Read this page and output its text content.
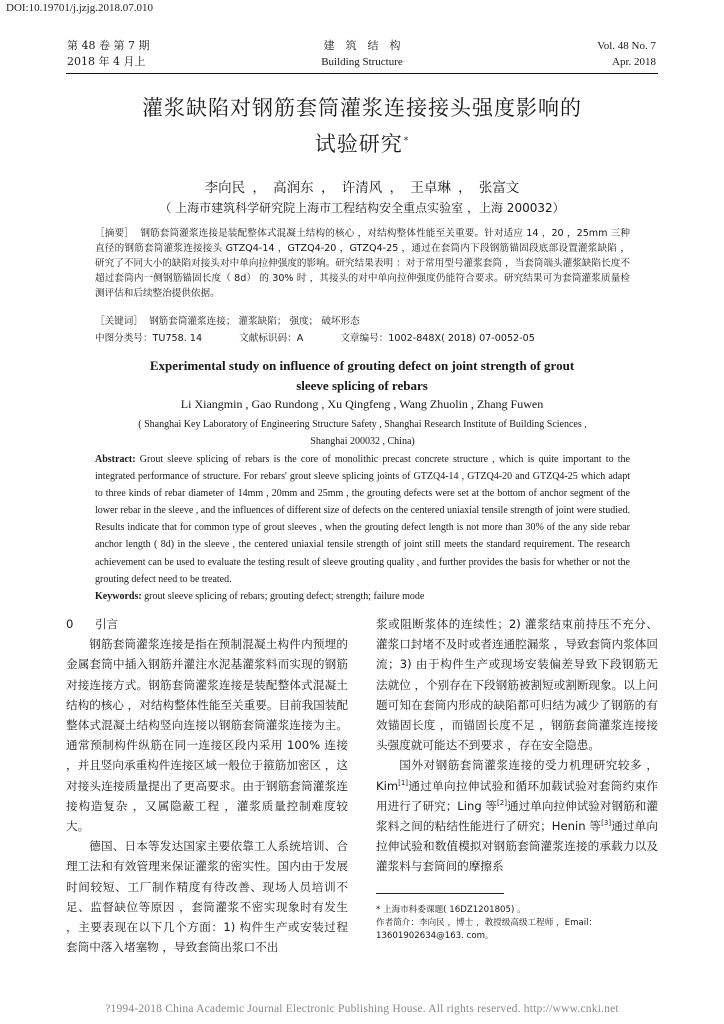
DOI:10.19701/j.jzjg.2018.07.010
第 48 卷 第 7 期
2018 年 4 月上
建　筑　结　构
Building Structure
Vol. 48 No. 7
Apr. 2018
灌浆缺陷对钢筋套筒灌浆连接接头强度影响的
试验研究*
李向民 ， 高润东 ， 许清风 ， 王卓琳 ， 张富文
（ 上海市建筑科学研究院上海市工程结构安全重点实验室 ，上海 200032）
［摘要］ 钢筋套筒灌浆连接是装配整体式混凝土结构的核心 ，对结构整体性能至关重要。针对适应 14 ，20 ，25mm 三种直径的钢筋套筒灌浆连接接头 GTZQ4-14 ，GTZQ4-20 ，GTZQ4-25 ，通过在套筒内下段钢筋锚固段底部设置灌浆缺陷 ，研究了不同大小的缺陷对接头对中单向拉伸强度的影响。研究结果表明 ：对于常用型号灌浆套筒 ，当套筒端头灌浆缺陷长度不超过套筒内一侧钢筋锚固长度（ 8d） 的 30% 时 ，其接头的对中单向拉伸强度仍能符合要求。研究结果可为套筒灌浆质量检测评估和后续整治提供依据。
［关键词］ 钢筋套筒灌浆连接； 灌浆缺陷； 强度； 破坏形态
中图分类号：TU758. 14	文献标识码：A	文章编号：1002-848X( 2018) 07-0052-05
Experimental study on influence of grouting defect on joint strength of grout
sleeve splicing of rebars
Li Xiangmin , Gao Rundong , Xu Qingfeng , Wang Zhuolin , Zhang Fuwen
( Shanghai Key Laboratory of Engineering Structure Safety , Shanghai Research Institute of Building Sciences ,
Shanghai 200032 , China)
Abstract: Grout sleeve splicing of rebars is the core of monolithic precast concrete structure , which is quite important to the integrated performance of structure. For rebars' grout sleeve splicing joints of GTZQ4-14 , GTZQ4-20 and GTZQ4-25 which adapt to three kinds of rebar diameter of 14mm , 20mm and 25mm , the grouting defects were set at the bottom of anchor segment of the lower rebar in the sleeve , and the influences of different size of defects on the centered uniaxial tensile strength of joint were studied. Results indicate that for common type of grout sleeves , when the grouting defect length is not more than 30% of the any side rebar anchor length ( 8d) in the sleeve , the centered uniaxial tensile strength of joint still meets the standard requirement. The research achievement can be used to evaluate the testing result of sleeve grouting quality , and further provides the basis for whether or not the grouting defect need to be treated.
Keywords: grout sleeve splicing of rebars; grouting defect; strength; failure mode

0 引言

钢筋套筒灌浆连接是指在预制混凝土构件内预埋的金属套筒中插入钢筋并灌注水泥基灌浆料而实现的钢筋对接连接方式。钢筋套筒灌浆连接是装配整体式混凝土结构的核心 ，对结构整体性能至关重要。目前我国装配整体式混凝土结构竖向连接以钢筋套筒灌浆连接为主。通常预制构件纵筋在同一连接区段内采用 100% 连接 ，并且竖向承重构件连接区域一般位于箍筋加密区 ，这对接头连接质量提出了更高要求。由于钢筋套筒灌浆连接构造复杂 ，又属隐蔽工程 ，灌浆质量控制难度较大。

德国、日本等发达国家主要依靠工人系统培训、合理工法和有效管理来保证灌浆的密实性。国内由于发展时间较短、工厂制作精度有待改善、现场人员培训不足、监督缺位等原因 ，套筒灌浆不密实现象时有发生 ，主要表现在以下几个方面：1) 构件生产或安装过程套筒中落入堵塞物 ，导致套筒出浆口不出

浆或阻断浆体的连续性；2) 灌浆结束前持压不充分、灌浆口封堵不及时或者连通腔漏浆 ，导致套筒内浆体回流；3) 由于构件生产或现场安装偏差导致下段钢筋无法就位 ，个别存在下段钢筋被割短或割断现象。以上问题可知在套筒内形成的缺陷都可归结为减少了钢筋的有效锚固长度 ，而锚固长度不足 ，钢筋套筒灌浆连接接头强度就可能达不到要求 ，存在安全隐患。

国外对钢筋套筒灌浆连接的受力机理研究较多 ，Kim[1]通过单向拉伸试验和循环加载试验对套筒约束作用进行了研究；Ling 等[2]通过单向拉伸试验对钢筋和灌浆料之间的粘结性能进行了研究；Henin 等[3]通过单向拉伸试验和数值模拟对钢筋套筒灌浆连接的承载力以及灌浆料与套筒间的摩擦系

* 上海市科委课题( 16DZ1201805) 。
作者简介：李向民 ，博士 ，教授级高级工程师 ，Email：13601902634@163. com。
?1994-2018 China Academic Journal Electronic Publishing House. All rights reserved. http://www.cnki.net
